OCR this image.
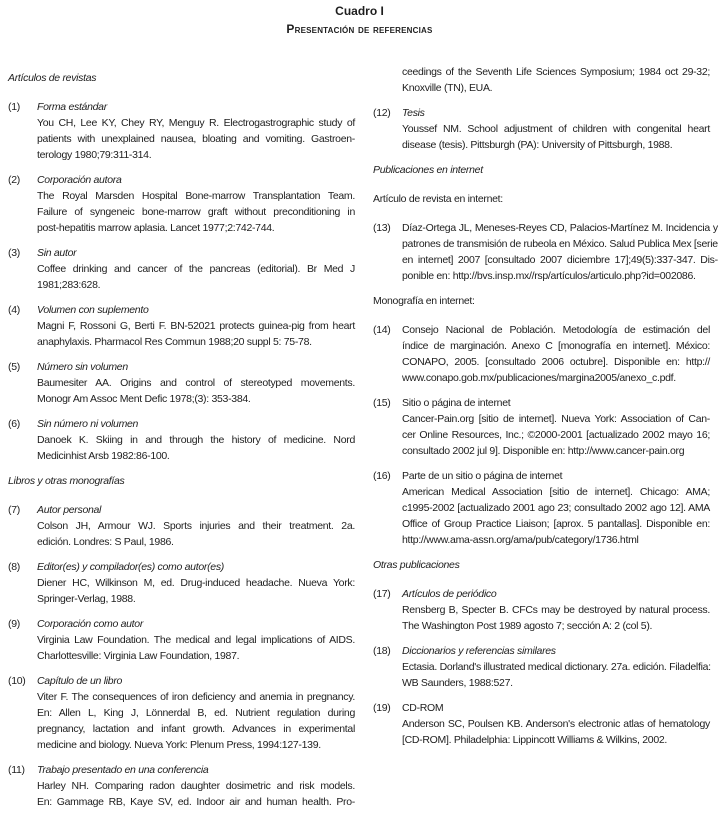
Cuadro I
Presentación de referencias
Artículos de revistas
(1)	Forma estándar
You CH, Lee KY, Chey RY, Menguy R. Electrogastrographic study of
patients with unexplained nausea, bloating and vomiting. Gastroen-
terology 1980;79:311-314.
(2)	Corporación autora
The Royal Marsden Hospital Bone-marrow Transplantation Team.
Failure of syngeneic bone-marrow graft without preconditioning in
post-hepatitis marrow aplasia. Lancet 1977;2:742-744.
(3)	Sin autor
Coffee drinking and cancer of the pancreas (editorial). Br Med J
1981;283:628.
(4)	Volumen con suplemento
Magni F, Rossoni G, Berti F. BN-52021 protects guinea-pig from heart
anaphylaxis. Pharmacol Res Commun 1988;20 suppl 5: 75-78.
(5)	Número sin volumen
Baumesiter AA. Origins and control of stereotyped movements.
Monogr Am Assoc Ment Defic 1978;(3): 353-384.
(6)	Sin número ni volumen
Danoek K. Skiing in and through the history of medicine. Nord
Medicinhist Arsb 1982:86-100.
Libros y otras monografías
(7)	Autor personal
Colson JH, Armour WJ. Sports injuries and their treatment. 2a.
edición. Londres: S Paul, 1986.
(8)	Editor(es) y compilador(es) como autor(es)
Diener HC, Wilkinson M, ed. Drug-induced headache. Nueva York:
Springer-Verlag, 1988.
(9)	Corporación como autor
Virginia Law Foundation. The medical and legal implications of AIDS.
Charlottesville: Virginia Law Foundation, 1987.
(10)	Capítulo de un libro
Viter F. The consequences of iron deficiency and anemia in pregnancy.
En: Allen L, King J, Lönnerdal B, ed. Nutrient regulation during
pregnancy, lactation and infant growth. Advances in experimental
medicine and biology. Nueva York: Plenum Press, 1994:127-139.
(11)	Trabajo presentado en una conferencia
Harley NH. Comparing radon daughter dosimetric and risk models.
En: Gammage RB, Kaye SV, ed. Indoor air and human health. Pro-
ceedings of the Seventh Life Sciences Symposium; 1984 oct 29-32;
Knoxville (TN), EUA.
(12)	Tesis
Youssef NM. School adjustment of children with congenital heart
disease (tesis). Pittsburgh (PA): University of Pittsburgh, 1988.
Publicaciones en internet
Artículo de revista en internet:
(13)	Díaz-Ortega JL, Meneses-Reyes CD, Palacios-Martínez M. Incidencia y
patrones de transmisión de rubeola en México. Salud Publica Mex [serie
en internet] 2007 [consultado 2007 diciembre 17];49(5):337-347. Dis-
ponible en: http://bvs.insp.mx//rsp/artículos/articulo.php?id=002086.
Monografía en internet:
(14)	Consejo Nacional de Población. Metodología de estimación del
índice de marginación. Anexo C [monografía en internet]. México:
CONAPO, 2005. [consultado 2006 octubre]. Disponible en: http://
www.conapo.gob.mx/publicaciones/margina2005/anexo_c.pdf.
(15)	Sitio o página de internet
Cancer-Pain.org [sitio de internet]. Nueva York: Association of Can-
cer Online Resources, Inc.; ©2000-2001 [actualizado 2002 mayo 16;
consultado 2002 jul 9]. Disponible en: http://www.cancer-pain.org
(16)	Parte de un sitio o página de internet
American Medical Association [sitio de internet]. Chicago: AMA;
c1995-2002 [actualizado 2001 ago 23; consultado 2002 ago 12]. AMA
Office of Group Practice Liaison; [aprox. 5 pantallas]. Disponible en:
http://www.ama-assn.org/ama/pub/category/1736.html
Otras publicaciones
(17)	Artículos de periódico
Rensberg B, Specter B. CFCs may be destroyed by natural process.
The Washington Post 1989 agosto 7; sección A: 2 (col 5).
(18)	Diccionarios y referencias similares
Ectasia. Dorland's illustrated medical dictionary. 27a. edición. Filadelfia:
WB Saunders, 1988:527.
(19)	CD-ROM
Anderson SC, Poulsen KB. Anderson's electronic atlas of hematology
[CD-ROM]. Philadelphia: Lippincott Williams & Wilkins, 2002.
